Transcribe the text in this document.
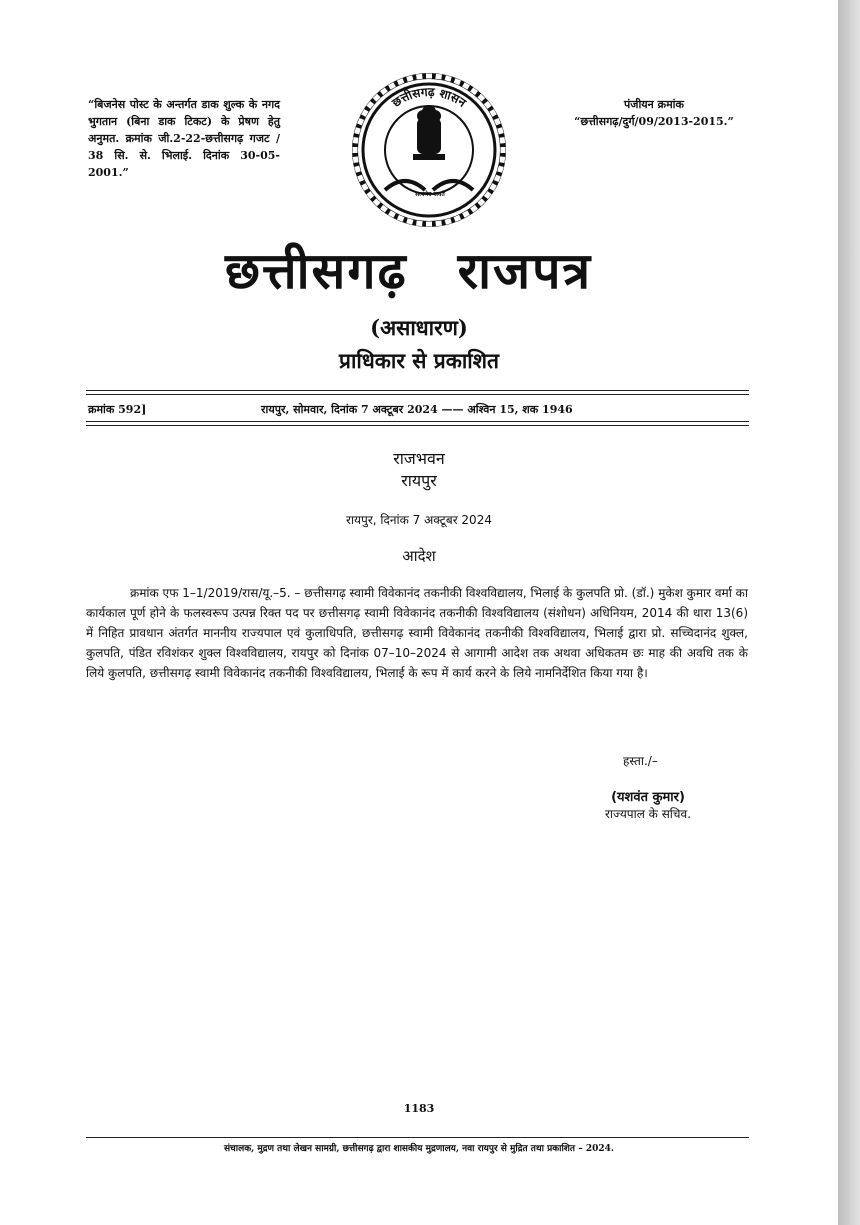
“बिजनेस पोस्ट के अन्तर्गत डाक शुल्क के नगद भुगतान (बिना डाक टिकट) के प्रेषण हेतु अनुमत. क्रमांक जी.2-22-छत्तीसगढ़ गजट / 38 सि. से. भिलाई. दिनांक 30-05-2001.”
पंजीयन क्रमांक
“छत्तीसगढ़/दुर्ग/09/2013-2015.”
छत्तीसगढ़ शासन
सत्यमेव जयते
छत्तीसगढ़ राजपत्र
(असाधारण)
प्राधिकार से प्रकाशित
क्रमांक 592]	रायपुर, सोमवार, दिनांक 7 अक्टूबर 2024 —— अश्विन 15, शक 1946
राजभवन
रायपुर
रायपुर, दिनांक 7 अक्टूबर 2024
आदेश
क्रमांक एफ 1–1/2019/रास/यू.–5. – छत्तीसगढ़ स्वामी विवेकानंद तकनीकी विश्वविद्यालय, भिलाई के कुलपति प्रो. (डॉ.) मुकेश कुमार वर्मा का कार्यकाल पूर्ण होने के फलस्वरूप उत्पन्न रिक्त पद पर छत्तीसगढ़ स्वामी विवेकानंद तकनीकी विश्वविद्यालय (संशोधन) अधिनियम, 2014 की धारा 13(6) में निहित प्रावधान अंतर्गत माननीय राज्यपाल एवं कुलाधिपति, छत्तीसगढ़ स्वामी विवेकानंद तकनीकी विश्वविद्यालय, भिलाई द्वारा प्रो. सच्चिदानंद शुक्ल, कुलपति, पंडित रविशंकर शुक्ल विश्वविद्यालय, रायपुर को दिनांक 07–10–2024 से आगामी आदेश तक अथवा अधिकतम छः माह की अवधि तक के लिये कुलपति, छत्तीसगढ़ स्वामी विवेकानंद तकनीकी विश्वविद्यालय, भिलाई के रूप में कार्य करने के लिये नामनिर्देशित किया गया है।
हस्ता./–
(यशवंत कुमार)
राज्यपाल के सचिव.
1183
संचालक, मुद्रण तथा लेखन सामग्री, छत्तीसगढ़ द्वारा शासकीय मुद्रणालय, नवा रायपुर से मुद्रित तथा प्रकाशित – 2024.
